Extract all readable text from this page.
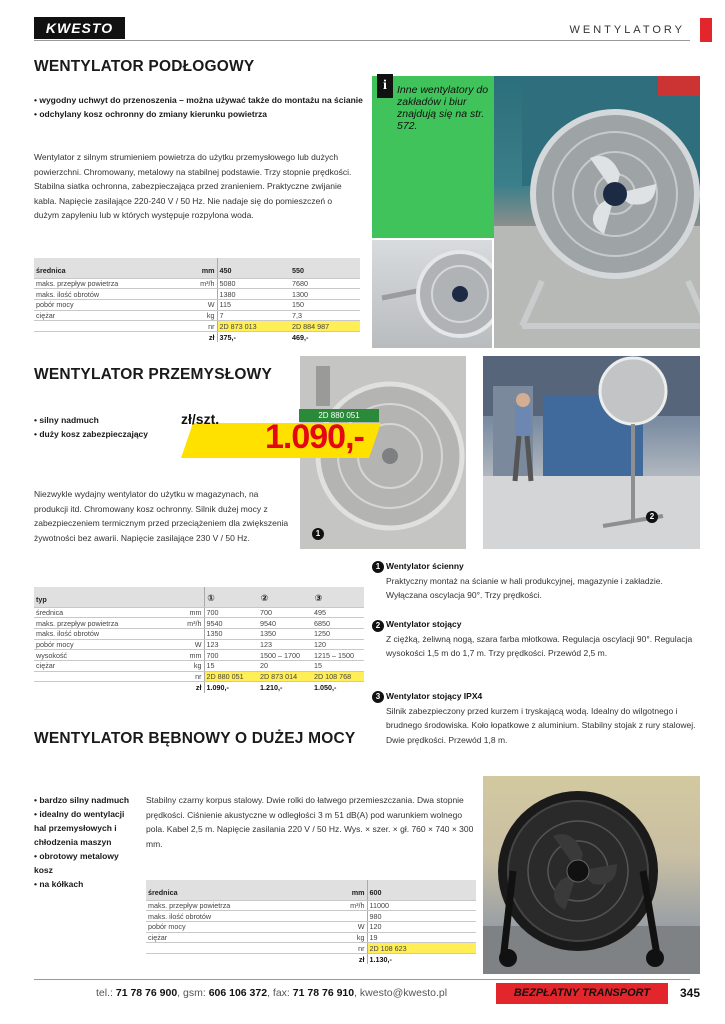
KWESTO	WENTYLATORY
WENTYLATOR PODŁOGOWY
• wygodny uchwyt do przenoszenia – można używać także do montażu na ścianie
• odchylany kosz ochronny do zmiany kierunku powietrza
Wentylator z silnym strumieniem powietrza do użytku przemysłowego lub dużych powierzchni. Chromowany, metalowy na stabilnej podstawie. Trzy stopnie prędkości. Stabilna siatka ochronna, zabezpieczająca przed zranieniem. Praktyczne zwijanie kabla. Napięcie zasilające 220-240 V / 50 Hz. Nie nadaje się do pomieszczeń o dużym zapyleniu lub w których występuje rozpylona woda.
średnica	mm	450	550
maks. przepływ powietrza	m³/h	5080	7680
maks. ilość obrotów		1380	1300
pobór mocy	W	115	150
ciężar	kg	7	7,3
	nr	2D 873 013	2D 884 987
	zł	375,-	469,-
i Inne wentylatory do zakładów i biur znajdują się na str. 572.
WENTYLATOR PRZEMYSŁOWY
• silny nadmuch
• duży kosz zabezpieczający
2D 880 051
zł/szt. 1.090,-
1
2
Niezwykle wydajny wentylator do użytku w magazynach, na produkcji itd. Chromowany kosz ochronny. Silnik dużej mocy z zabezpieczeniem termicznym przed przeciążeniem dla zwiększenia żywotności bez awarii. Napięcie zasilające 230 V / 50 Hz.
typ		①	②	③
średnica	mm	700	700	495
maks. przepływ powietrza	m³/h	9540	9540	6850
maks. ilość obrotów		1350	1350	1250
pobór mocy	W	123	123	120
wysokość	mm	700	1500 – 1700	1215 – 1500
ciężar	kg	15	20	15
	nr	2D 880 051	2D 873 014	2D 108 768
	zł	1.090,-	1.210,-	1.050,-
1 Wentylator ścienny
Praktyczny montaż na ścianie w hali produkcyjnej, magazynie i zakładzie. Wyłączana oscylacja 90°. Trzy prędkości.
2 Wentylator stojący
Z ciężką, żeliwną nogą, szara farba młotkowa. Regulacja oscylacji 90°. Regulacja wysokości 1,5 m do 1,7 m. Trzy prędkości. Przewód 2,5 m.
3 Wentylator stojący IPX4
Silnik zabezpieczony przed kurzem i tryskającą wodą. Idealny do wilgotnego i brudnego środowiska. Koło łopatkowe z aluminium. Stabilny stojak z rury stalowej. Dwie prędkości. Przewód 1,8 m.
WENTYLATOR BĘBNOWY O DUŻEJ MOCY
• bardzo silny nadmuch
• idealny do wentylacji hal przemysłowych i chłodzenia maszyn
• obrotowy metalowy kosz
• na kółkach
Stabilny czarny korpus stalowy. Dwie rolki do łatwego przemieszczania. Dwa stopnie prędkości. Ciśnienie akustyczne w odległości 3 m 51 dB(A) pod warunkiem wolnego pola. Kabel 2,5 m. Napięcie zasilania 220 V / 50 Hz. Wys. × szer. × gł. 760 × 740 × 300 mm.
średnica	mm	600
maks. przepływ powietrza	m³/h	11000
maks. ilość obrotów		980
pobór mocy	W	120
ciężar	kg	19
	nr	2D 108 623
	zł	1.130,-
tel.: 71 78 76 900, gsm: 606 106 372, fax: 71 78 76 910, kwesto@kwesto.pl	BEZPŁATNY TRANSPORT	345
